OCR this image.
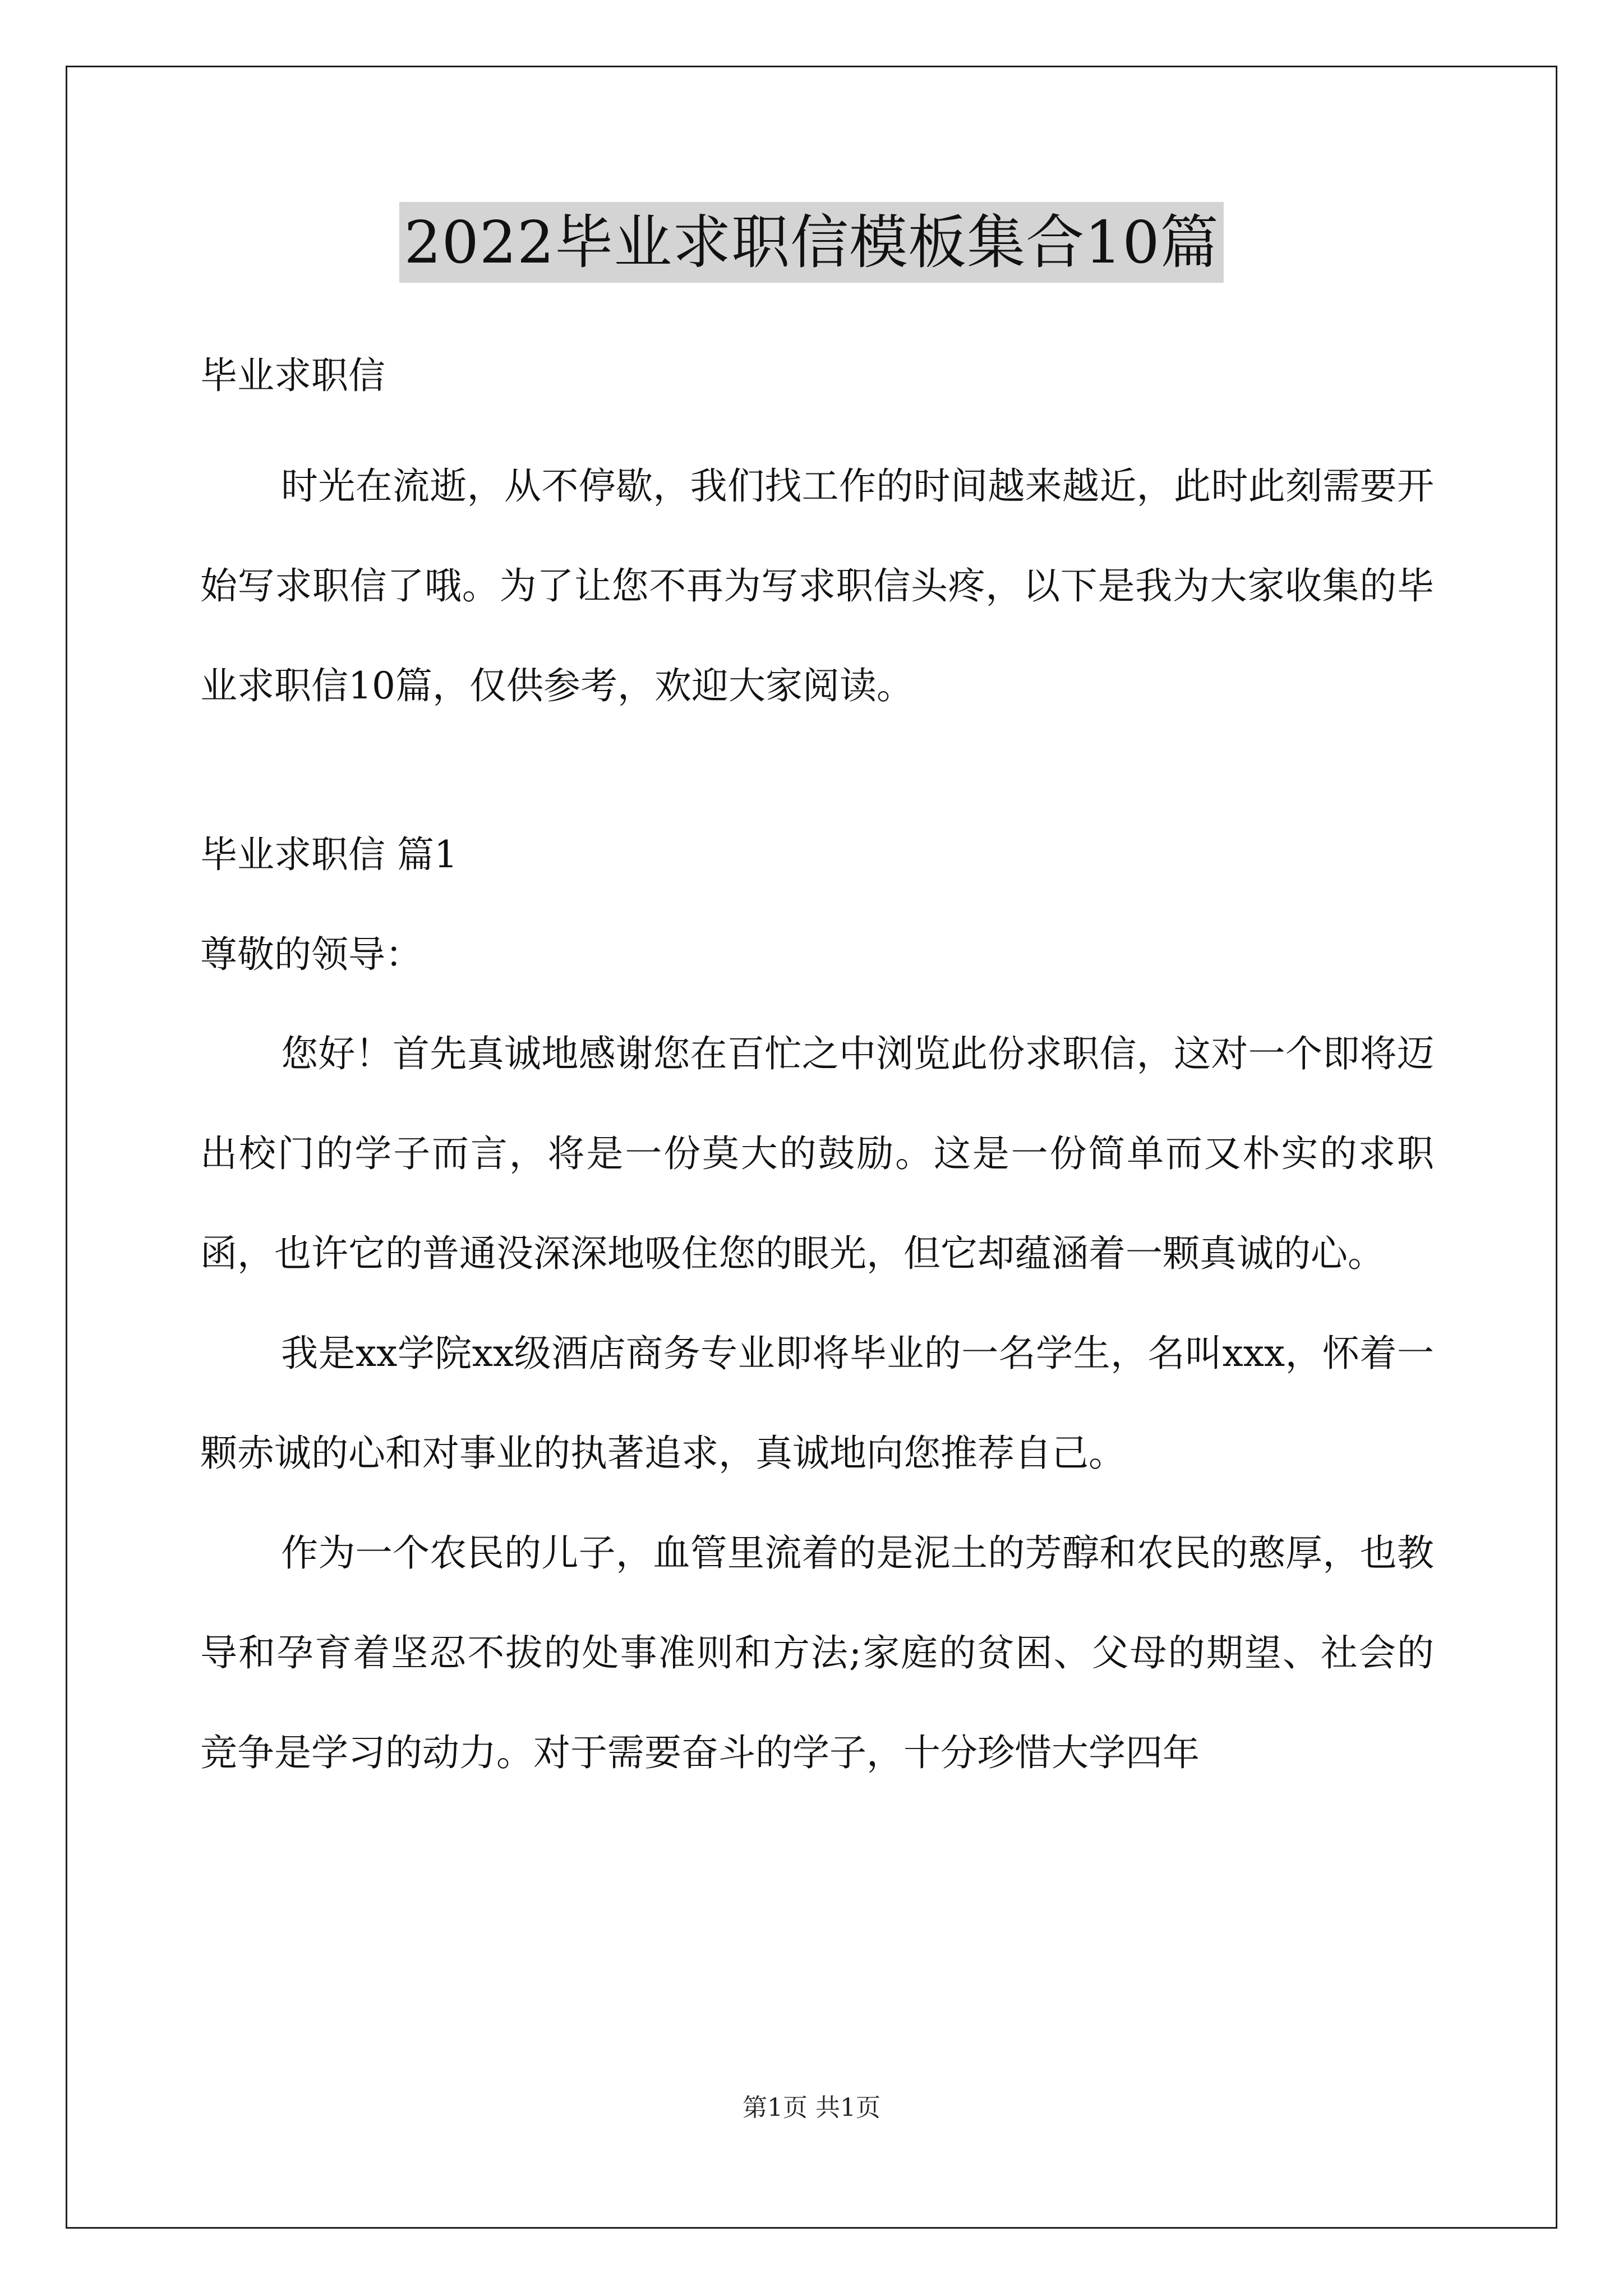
2022毕业求职信模板集合10篇

毕业求职信

时光在流逝，从不停歇，我们找工作的时间越来越近，此时此刻需要开始写求职信了哦。为了让您不再为写求职信头疼，以下是我为大家收集的毕业求职信10篇，仅供参考，欢迎大家阅读。

毕业求职信 篇1

尊敬的领导：

您好！首先真诚地感谢您在百忙之中浏览此份求职信，这对一个即将迈出校门的学子而言，将是一份莫大的鼓励。这是一份简单而又朴实的求职函，也许它的普通没深深地吸住您的眼光，但它却蕴涵着一颗真诚的心。

我是xx学院xx级酒店商务专业即将毕业的一名学生，名叫xxx，怀着一颗赤诚的心和对事业的执著追求，真诚地向您推荐自己。

作为一个农民的儿子，血管里流着的是泥土的芳醇和农民的憨厚，也教导和孕育着坚忍不拔的处事准则和方法;家庭的贫困、父母的期望、社会的竞争是学习的动力。对于需要奋斗的学子，十分珍惜大学四年

第1页 共1页
